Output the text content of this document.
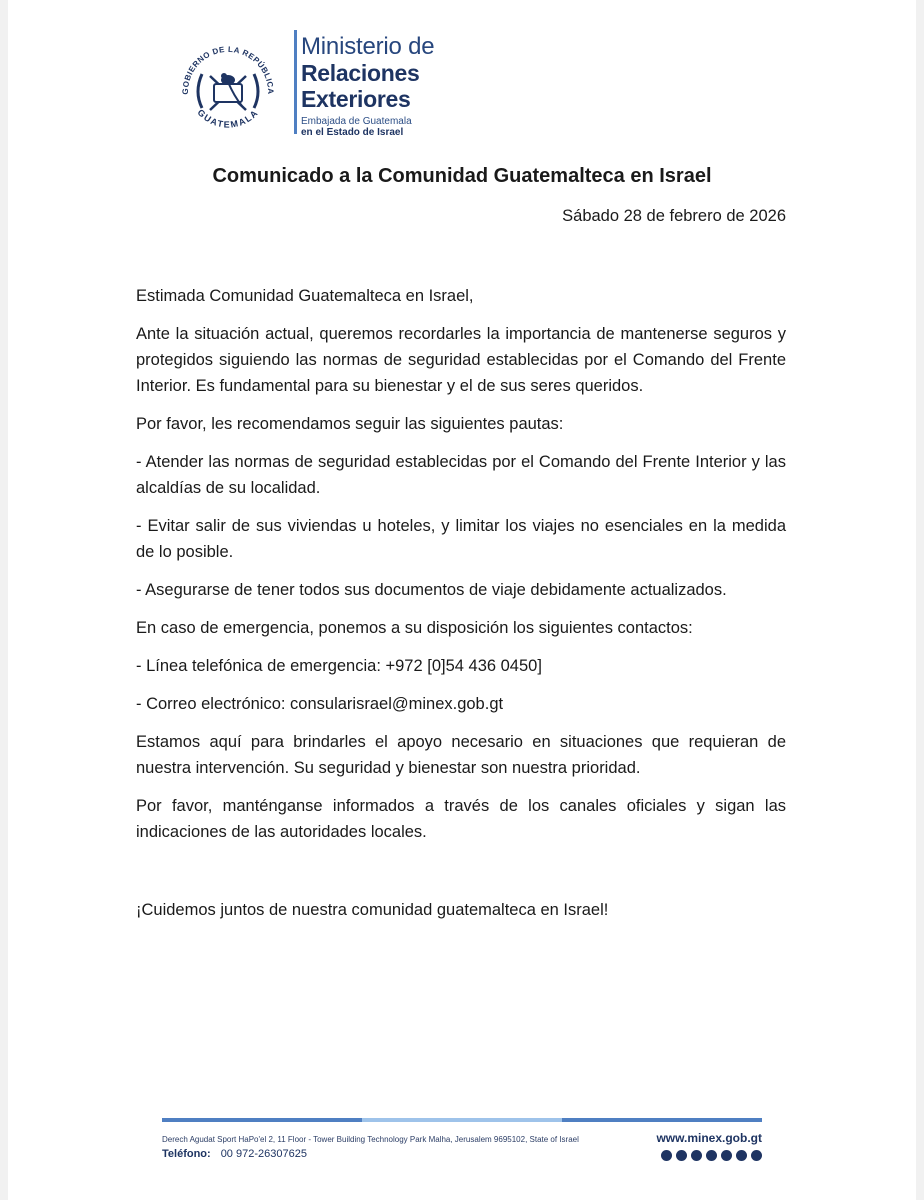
GOBIERNO DE LA REPÚBLICA
GUATEMALA
Ministerio de
Relaciones
Exteriores
Embajada de Guatemala
en el Estado de Israel
Comunicado a la Comunidad Guatemalteca en Israel
Sábado 28 de febrero de 2026

Estimada Comunidad Guatemalteca en Israel,

Ante la situación actual, queremos recordarles la importancia de mantenerse seguros y protegidos siguiendo las normas de seguridad establecidas por el Comando del Frente Interior. Es fundamental para su bienestar y el de sus seres queridos.

Por favor, les recomendamos seguir las siguientes pautas:

- Atender las normas de seguridad establecidas por el Comando del Frente Interior y las alcaldías de su localidad.

- Evitar salir de sus viviendas u hoteles, y limitar los viajes no esenciales en la medida de lo posible.

- Asegurarse de tener todos sus documentos de viaje debidamente actualizados.

En caso de emergencia, ponemos a su disposición los siguientes contactos:

- Línea telefónica de emergencia: +972 [0]54 436 0450]

- Correo electrónico: consularisrael@minex.gob.gt

Estamos aquí para brindarles el apoyo necesario en situaciones que requieran de nuestra intervención. Su seguridad y bienestar son nuestra prioridad.

Por favor, manténganse informados a través de los canales oficiales y sigan las indicaciones de las autoridades locales.

¡Cuidemos juntos de nuestra comunidad guatemalteca en Israel!

Derech Agudat Sport HaPo'el 2, 11 Floor - Tower Building Technology Park Malha, Jerusalem 9695102, State of Israel
Teléfono: 00 972-26307625
www.minex.gob.gt
